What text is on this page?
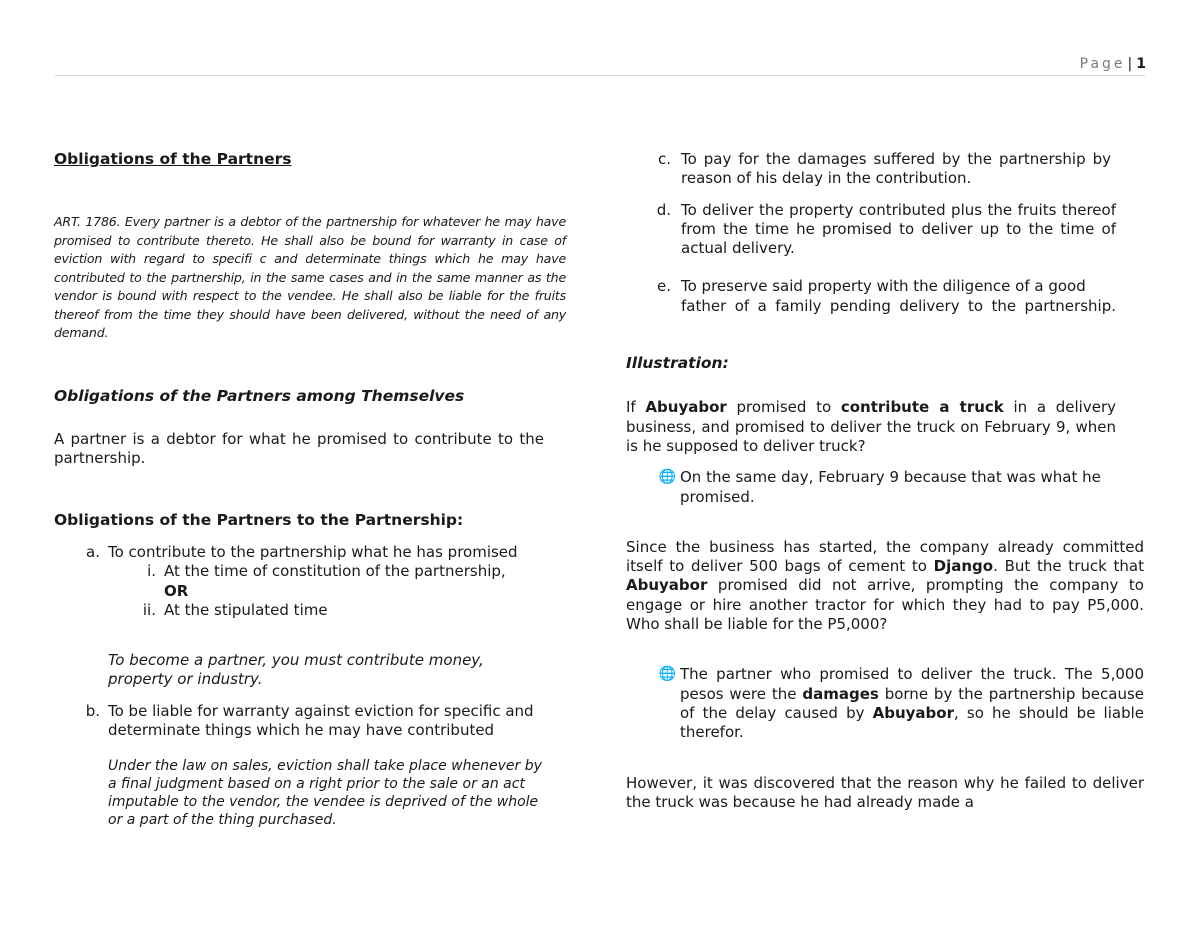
Page | 1
Obligations of the Partners

ART. 1786. Every partner is a debtor of the partnership for whatever he may have promised to contribute thereto. He shall also be bound for warranty in case of eviction with regard to specifi c and determinate things which he may have contributed to the partnership, in the same cases and in the same manner as the vendor is bound with respect to the vendee. He shall also be liable for the fruits thereof from the time they should have been delivered, without the need of any demand.

Obligations of the Partners among Themselves

A partner is a debtor for what he promised to contribute to the partnership.

Obligations of the Partners to the Partnership:
a. To contribute to the partnership what he has promised
i. At the time of constitution of the partnership,
OR
ii. At the stipulated time

To become a partner, you must contribute money, property or industry.

b. To be liable for warranty against eviction for specific and determinate things which he may have contributed

Under the law on sales, eviction shall take place whenever by a final judgment based on a right prior to the sale or an act imputable to the vendor, the vendee is deprived of the whole or a part of the thing purchased.

c. To pay for the damages suffered by the partnership by reason of his delay in the contribution.
d. To deliver the property contributed plus the fruits thereof from the time he promised to deliver up to the time of actual delivery.
e. To preserve said property with the diligence of a good

father of a family pending delivery to the partnership.

Illustration:

If Abuyabor promised to contribute a truck in a delivery business, and promised to deliver the truck on February 9, when is he supposed to deliver truck?

🌐 On the same day, February 9 because that was what he promised.

Since the business has started, the company already committed itself to deliver 500 bags of cement to Django. But the truck that Abuyabor promised did not arrive, prompting the company to engage or hire another tractor for which they had to pay P5,000. Who shall be liable for the P5,000?

🌐 The partner who promised to deliver the truck. The 5,000 pesos were the damages borne by the partnership because of the delay caused by Abuyabor, so he should be liable therefor.

However, it was discovered that the reason why he failed to deliver the truck was because he had already made a
